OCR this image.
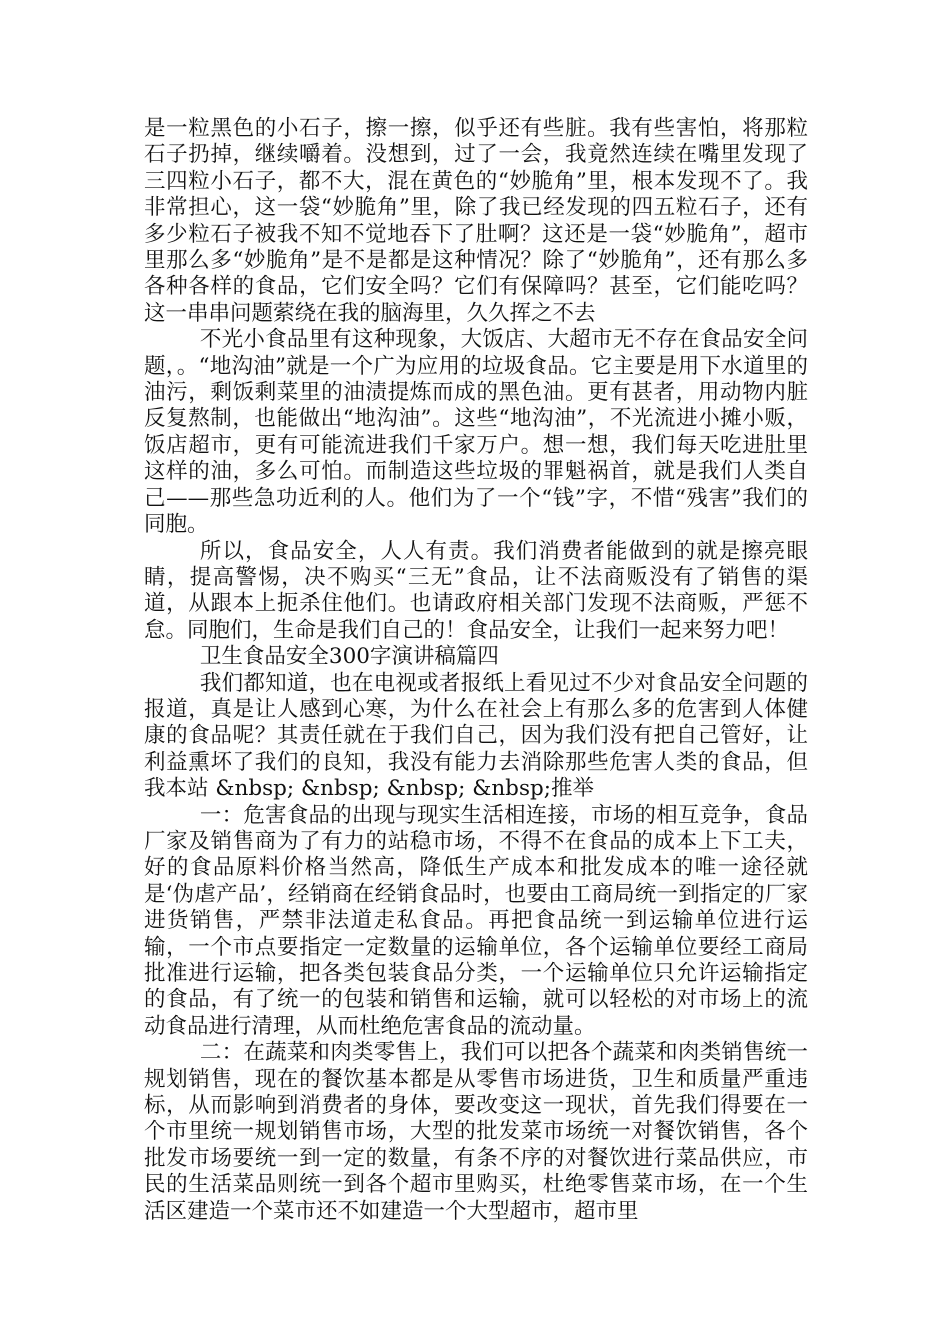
是一粒黑色的小石子，擦一擦，似乎还有些脏。我有些害怕，将那粒石子扔掉，继续嚼着。没想到，过了一会，我竟然连续在嘴里发现了三四粒小石子，都不大，混在黄色的“妙脆角”里，根本发现不了。我非常担心，这一袋“妙脆角”里，除了我已经发现的四五粒石子，还有多少粒石子被我不知不觉地吞下了肚啊？这还是一袋“妙脆角”，超市里那么多“妙脆角”是不是都是这种情况？除了“妙脆角”，还有那么多各种各样的食品，它们安全吗？它们有保障吗？甚至，它们能吃吗？这一串串问题萦绕在我的脑海里，久久挥之不去

不光小食品里有这种现象，大饭店、大超市无不存在食品安全问题，。“地沟油”就是一个广为应用的垃圾食品。它主要是用下水道里的油污，剩饭剩菜里的油渍提炼而成的黑色油。更有甚者，用动物内脏反复熬制，也能做出“地沟油”。这些“地沟油”，不光流进小摊小贩，饭店超市，更有可能流进我们千家万户。想一想，我们每天吃进肚里这样的油，多么可怕。而制造这些垃圾的罪魁祸首，就是我们人类自己——那些急功近利的人。他们为了一个“钱”字，不惜“残害”我们的同胞。

所以，食品安全，人人有责。我们消费者能做到的就是擦亮眼睛，提高警惕，决不购买“三无”食品，让不法商贩没有了销售的渠道，从跟本上扼杀住他们。也请政府相关部门发现不法商贩，严惩不怠。同胞们，生命是我们自己的！食品安全，让我们一起来努力吧！

卫生食品安全300字演讲稿篇四

我们都知道，也在电视或者报纸上看见过不少对食品安全问题的报道，真是让人感到心寒，为什么在社会上有那么多的危害到人体健康的食品呢？其责任就在于我们自己，因为我们没有把自己管好，让利益熏坏了我们的良知，我没有能力去消除那些危害人类的食品，但我本站 &nbsp; &nbsp; &nbsp; &nbsp;推举

一：危害食品的出现与现实生活相连接，市场的相互竞争，食品厂家及销售商为了有力的站稳市场，不得不在食品的成本上下工夫，好的食品原料价格当然高，降低生产成本和批发成本的唯一途径就是‘伪虐产品’，经销商在经销食品时，也要由工商局统一到指定的厂家进货销售，严禁非法道走私食品。再把食品统一到运输单位进行运输，一个市点要指定一定数量的运输单位，各个运输单位要经工商局批准进行运输，把各类包装食品分类，一个运输单位只允许运输指定的食品，有了统一的包装和销售和运输，就可以轻松的对市场上的流动食品进行清理，从而杜绝危害食品的流动量。

二：在蔬菜和肉类零售上，我们可以把各个蔬菜和肉类销售统一规划销售，现在的餐饮基本都是从零售市场进货，卫生和质量严重违标，从而影响到消费者的身体，要改变这一现状，首先我们得要在一个市里统一规划销售市场，大型的批发菜市场统一对餐饮销售，各个批发市场要统一到一定的数量，有条不序的对餐饮进行菜品供应，市民的生活菜品则统一到各个超市里购买，杜绝零售菜市场，在一个生活区建造一个菜市还不如建造一个大型超市，超市里
